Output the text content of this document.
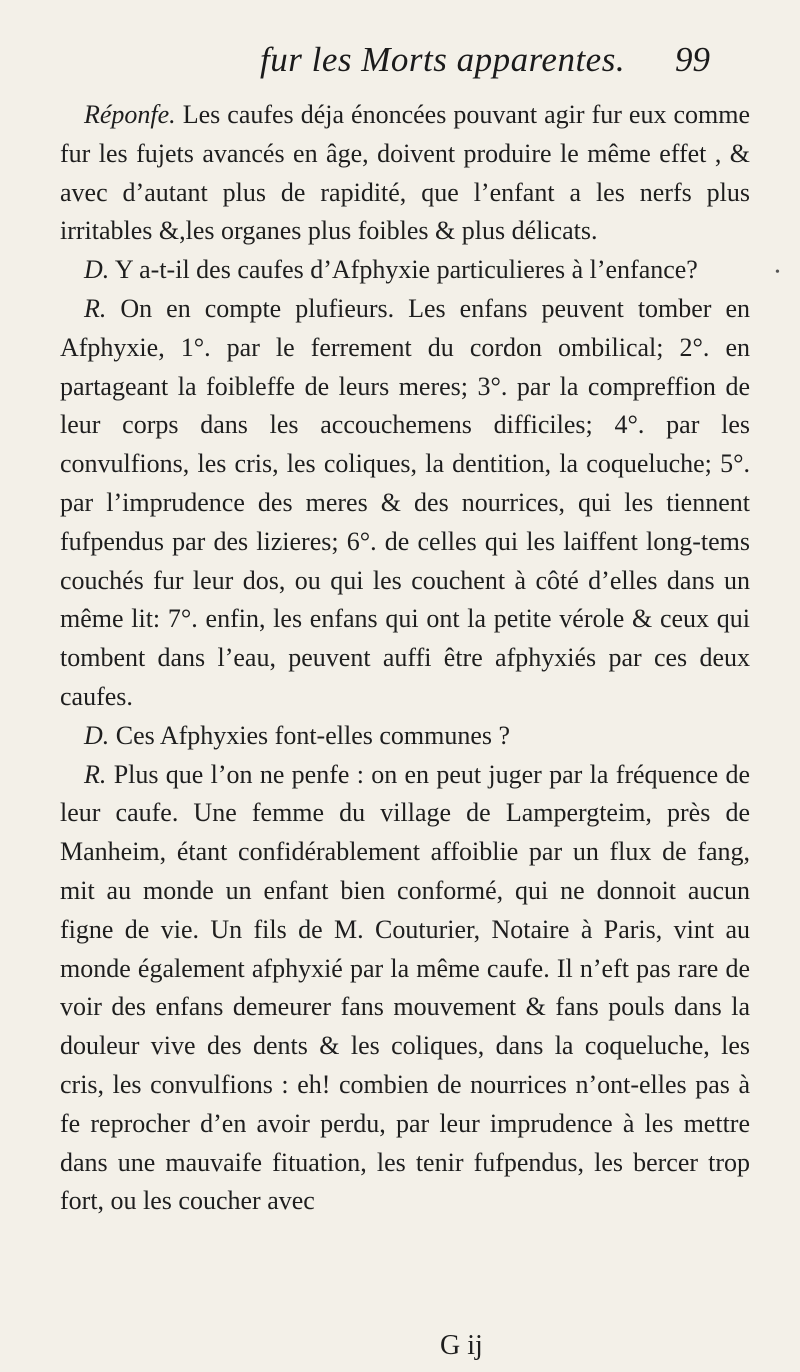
fur les Morts apparentes. 99

Réponfe. Les caufes déja énoncées pouvant agir fur eux comme fur les fujets avancés en âge, doivent produire le même effet , & avec d’autant plus de rapidité, que l’enfant a les nerfs plus irritables &,les organes plus foibles & plus délicats.

D. Y a-t-il des caufes d’Afphyxie particulieres à l’enfance?

R. On en compte plufieurs. Les enfans peuvent tomber en Afphyxie, 1°. par le ferrement du cordon ombilical; 2°. en partageant la foibleffe de leurs meres; 3°. par la compreffion de leur corps dans les accouchemens difficiles; 4°. par les convulfions, les cris, les coliques, la dentition, la coqueluche; 5°. par l’imprudence des meres & des nourrices, qui les tiennent fufpendus par des lizieres; 6°. de celles qui les laiffent long-tems couchés fur leur dos, ou qui les couchent à côté d’elles dans un même lit: 7°. enfin, les enfans qui ont la petite vérole & ceux qui tombent dans l’eau, peuvent auffi être afphyxiés par ces deux caufes.

D. Ces Afphyxies font-elles communes ?

R. Plus que l’on ne penfe : on en peut juger par la fréquence de leur caufe. Une femme du village de Lampergteim, près de Manheim, étant confidérablement affoiblie par un flux de fang, mit au monde un enfant bien conformé, qui ne donnoit aucun figne de vie. Un fils de M. Couturier, Notaire à Paris, vint au monde également afphyxié par la même caufe. Il n’eft pas rare de voir des enfans demeurer fans mouvement & fans pouls dans la douleur vive des dents & les coliques, dans la coqueluche, les cris, les convulfions : eh! combien de nourrices n’ont-elles pas à fe reprocher d’en avoir perdu, par leur imprudence à les mettre dans une mauvaife fituation, les tenir fufpendus, les bercer trop fort, ou les coucher avec

G ij
•
